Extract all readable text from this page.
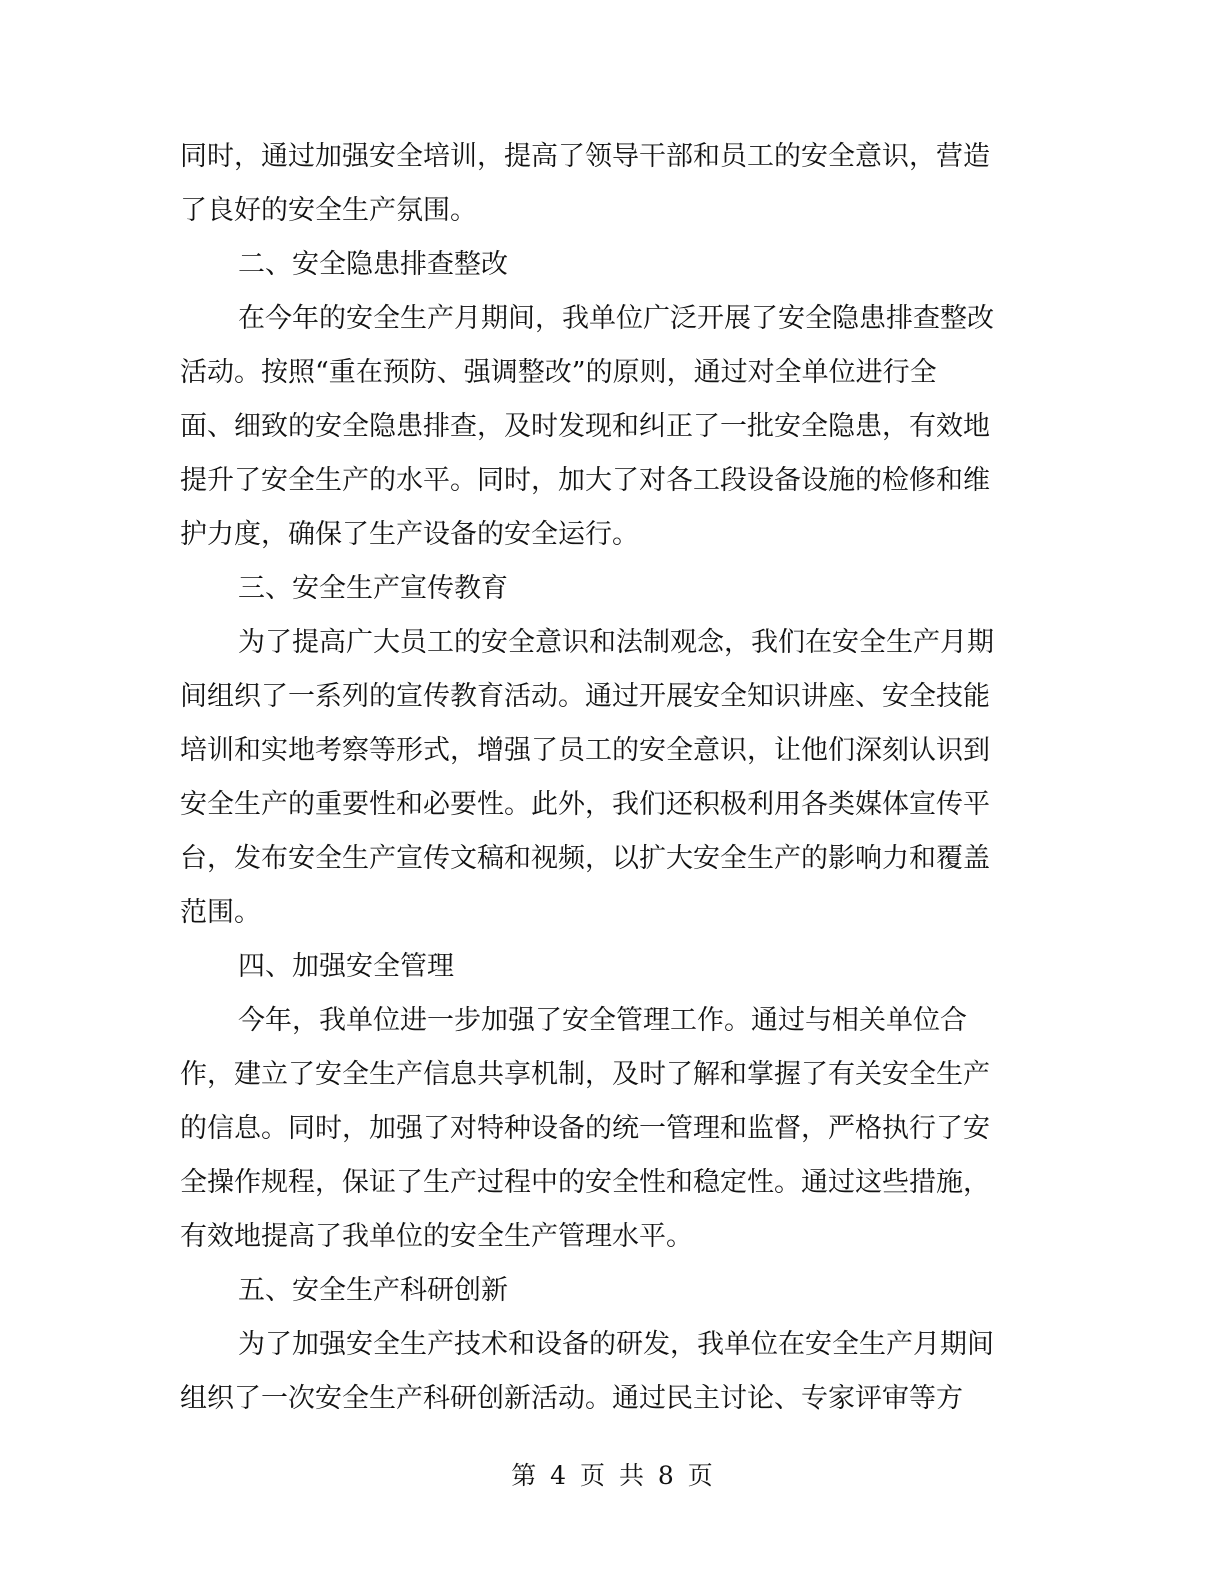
同时，通过加强安全培训，提高了领导干部和员工的安全意识，营造
了良好的安全生产氛围。
二、安全隐患排查整改
在今年的安全生产月期间，我单位广泛开展了安全隐患排查整改
活动。按照“重在预防、强调整改”的原则，通过对全单位进行全
面、细致的安全隐患排查，及时发现和纠正了一批安全隐患，有效地
提升了安全生产的水平。同时，加大了对各工段设备设施的检修和维
护力度，确保了生产设备的安全运行。
三、安全生产宣传教育
为了提高广大员工的安全意识和法制观念，我们在安全生产月期
间组织了一系列的宣传教育活动。通过开展安全知识讲座、安全技能
培训和实地考察等形式，增强了员工的安全意识，让他们深刻认识到
安全生产的重要性和必要性。此外，我们还积极利用各类媒体宣传平
台，发布安全生产宣传文稿和视频，以扩大安全生产的影响力和覆盖
范围。
四、加强安全管理
今年，我单位进一步加强了安全管理工作。通过与相关单位合
作，建立了安全生产信息共享机制，及时了解和掌握了有关安全生产
的信息。同时，加强了对特种设备的统一管理和监督，严格执行了安
全操作规程，保证了生产过程中的安全性和稳定性。通过这些措施，
有效地提高了我单位的安全生产管理水平。
五、安全生产科研创新
为了加强安全生产技术和设备的研发，我单位在安全生产月期间
组织了一次安全生产科研创新活动。通过民主讨论、专家评审等方
第 4 页 共 8 页
